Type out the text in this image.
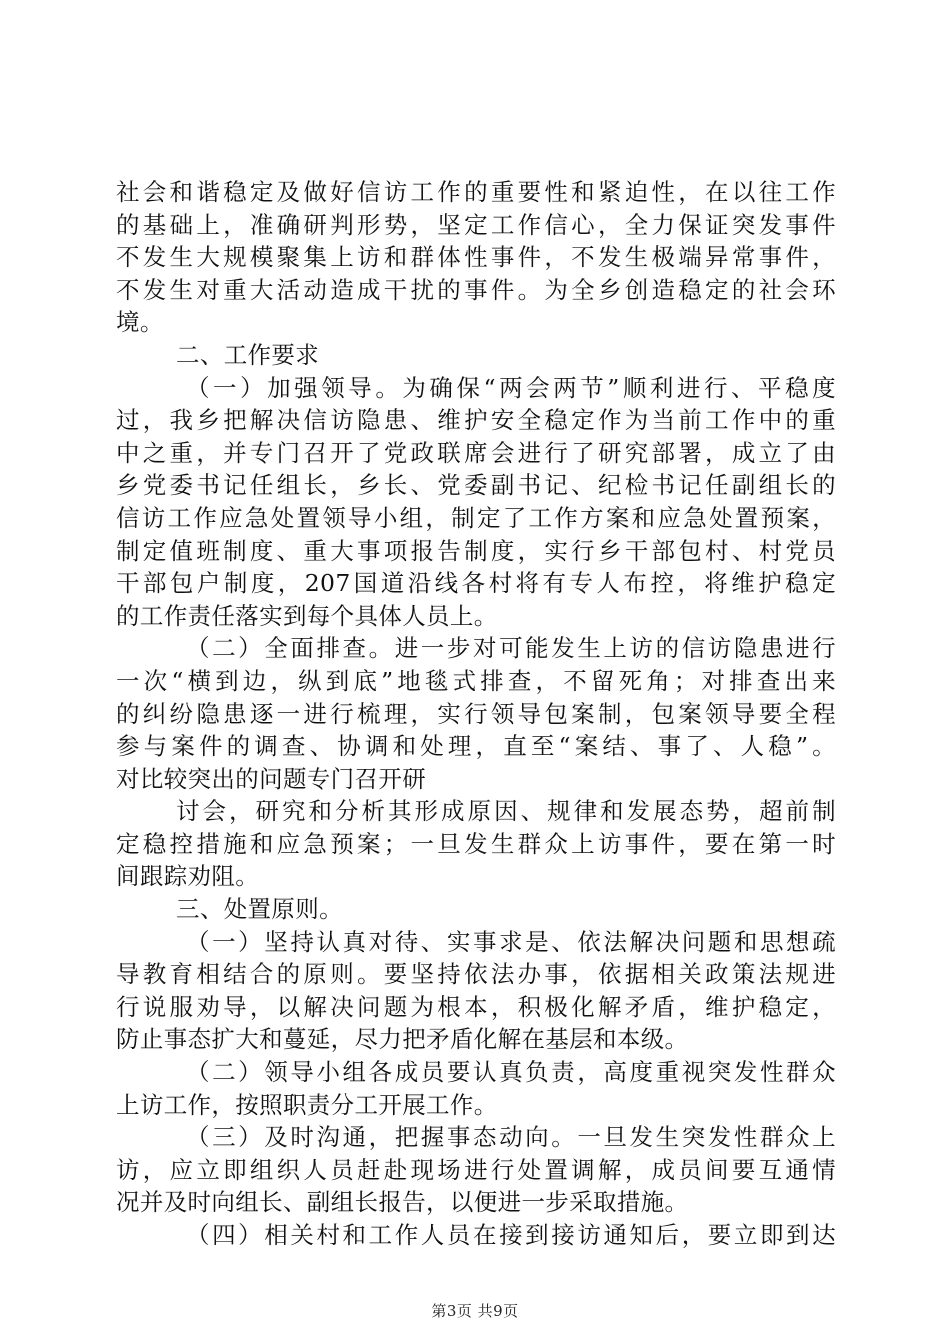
社会和谐稳定及做好信访工作的重要性和紧迫性，在以往工作
的基础上，准确研判形势，坚定工作信心，全力保证突发事件
不发生大规模聚集上访和群体性事件，不发生极端异常事件，
不发生对重大活动造成干扰的事件。为全乡创造稳定的社会环
境。
二、工作要求
（一）加强领导。为确保“两会两节”顺利进行、平稳度
过，我乡把解决信访隐患、维护安全稳定作为当前工作中的重
中之重，并专门召开了党政联席会进行了研究部署，成立了由
乡党委书记任组长，乡长、党委副书记、纪检书记任副组长的
信访工作应急处置领导小组，制定了工作方案和应急处置预案，
制定值班制度、重大事项报告制度，实行乡干部包村、村党员
干部包户制度，207国道沿线各村将有专人布控，将维护稳定
的工作责任落实到每个具体人员上。
（二）全面排查。进一步对可能发生上访的信访隐患进行
一次“横到边，纵到底”地毯式排查，不留死角；对排查出来
的纠纷隐患逐一进行梳理，实行领导包案制，包案领导要全程
参与案件的调查、协调和处理，直至“案结、事了、人稳”。
对比较突出的问题专门召开研
讨会，研究和分析其形成原因、规律和发展态势，超前制
定稳控措施和应急预案；一旦发生群众上访事件，要在第一时
间跟踪劝阻。
三、处置原则。
（一）坚持认真对待、实事求是、依法解决问题和思想疏
导教育相结合的原则。要坚持依法办事，依据相关政策法规进
行说服劝导，以解决问题为根本，积极化解矛盾，维护稳定，
防止事态扩大和蔓延，尽力把矛盾化解在基层和本级。
（二）领导小组各成员要认真负责，高度重视突发性群众
上访工作，按照职责分工开展工作。
（三）及时沟通，把握事态动向。一旦发生突发性群众上
访，应立即组织人员赶赴现场进行处置调解，成员间要互通情
况并及时向组长、副组长报告，以便进一步采取措施。
（四）相关村和工作人员在接到接访通知后，要立即到达
第3页 共9页
